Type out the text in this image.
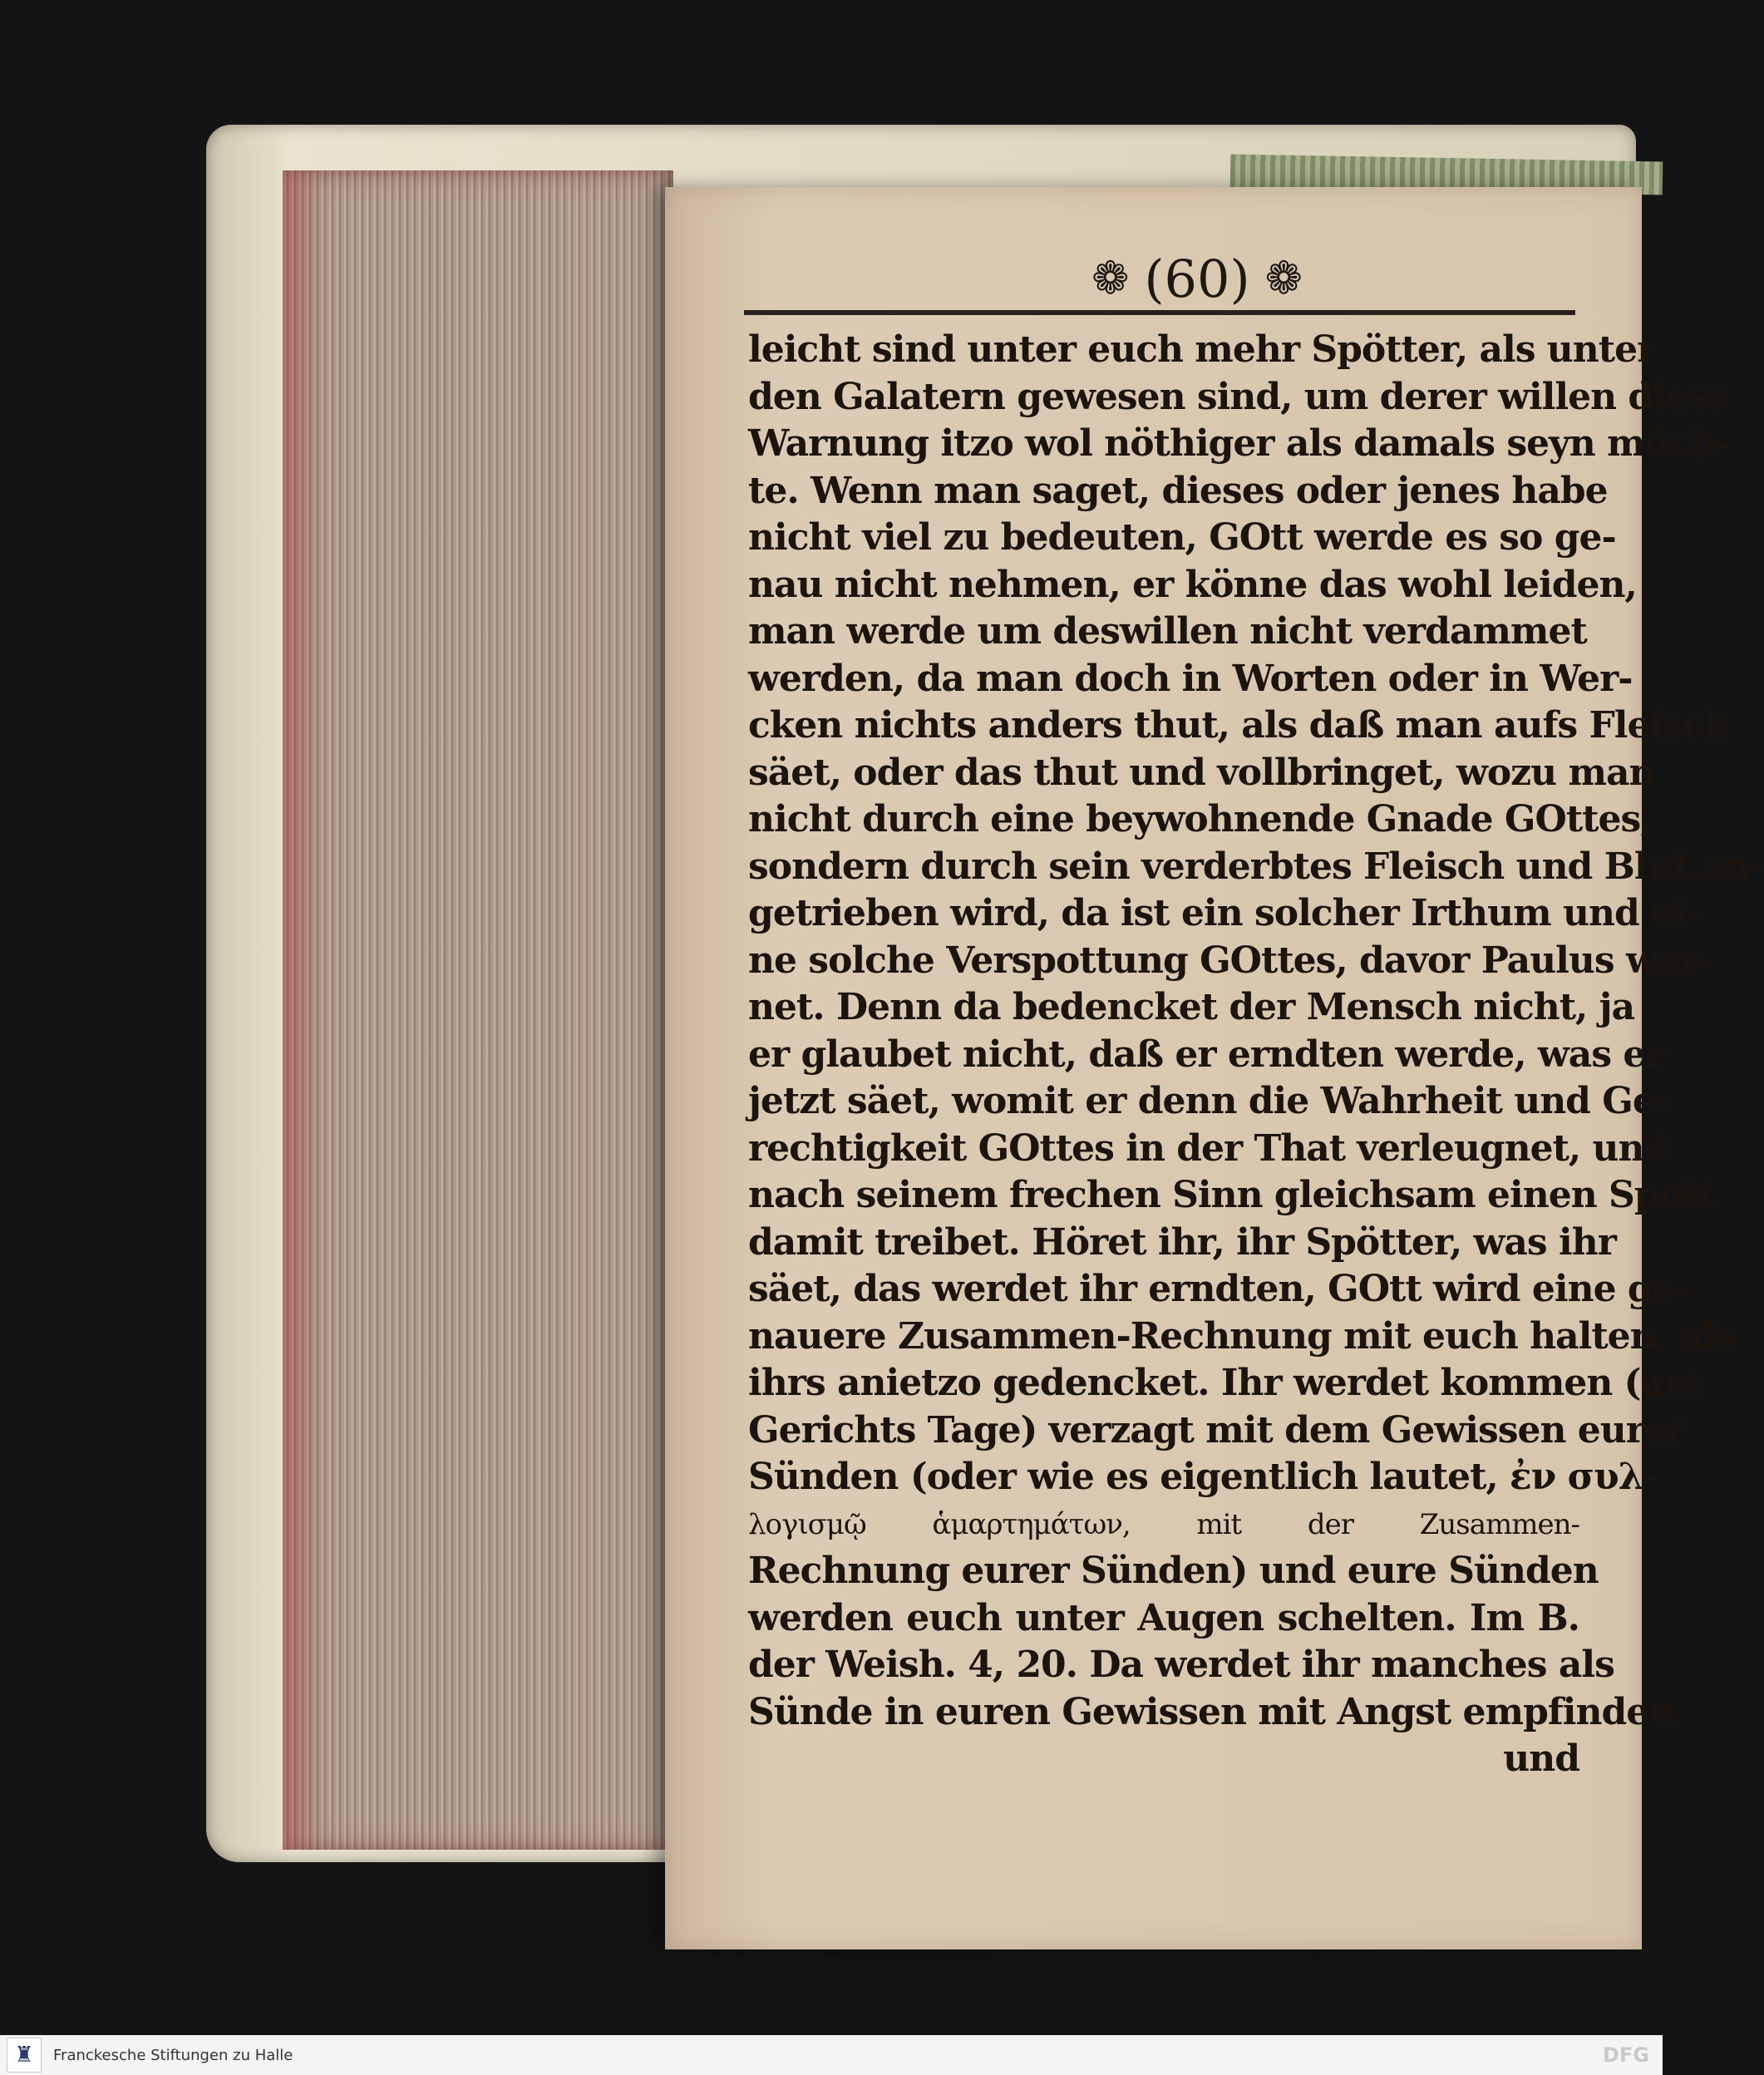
❁ (60) ❁
leicht sind unter euch mehr Spötter, als unter
den Galatern gewesen sind, um derer willen diese
Warnung itzo wol nöthiger als damals seyn möch-
te. Wenn man saget, dieses oder jenes habe
nicht viel zu bedeuten, GOtt werde es so ge-
nau nicht nehmen, er könne das wohl leiden,
man werde um deswillen nicht verdammet
werden, da man doch in Worten oder in Wer-
cken nichts anders thut, als daß man aufs Fleisch
säet, oder das thut und vollbringet, wozu man
nicht durch eine beywohnende Gnade GOttes,
sondern durch sein verderbtes Fleisch und Blut an-
getrieben wird, da ist ein solcher Irthum und ei-
ne solche Verspottung GOttes, davor Paulus war-
net. Denn da bedencket der Mensch nicht, ja
er glaubet nicht, daß er erndten werde, was er
jetzt säet, womit er denn die Wahrheit und Ge-
rechtigkeit GOttes in der That verleugnet, und
nach seinem frechen Sinn gleichsam einen Spott
damit treibet. Höret ihr, ihr Spötter, was ihr
säet, das werdet ihr erndten, GOtt wird eine ge-
nauere Zusammen-Rechnung mit euch halten, als
ihrs anietzo gedencket. Ihr werdet kommen (am
Gerichts Tage) verzagt mit dem Gewissen eurer
Sünden (oder wie es eigentlich lautet, ἐν συλ-
λογισμῷ ἁμαρτημάτων, mit der Zusammen-
Rechnung eurer Sünden) und eure Sünden
werden euch unter Augen schelten. Im B.
der Weish. 4, 20. Da werdet ihr manches als
Sünde in euren Gewissen mit Angst empfinden
und
♜	Franckesche Stiftungen zu Halle	DFG
